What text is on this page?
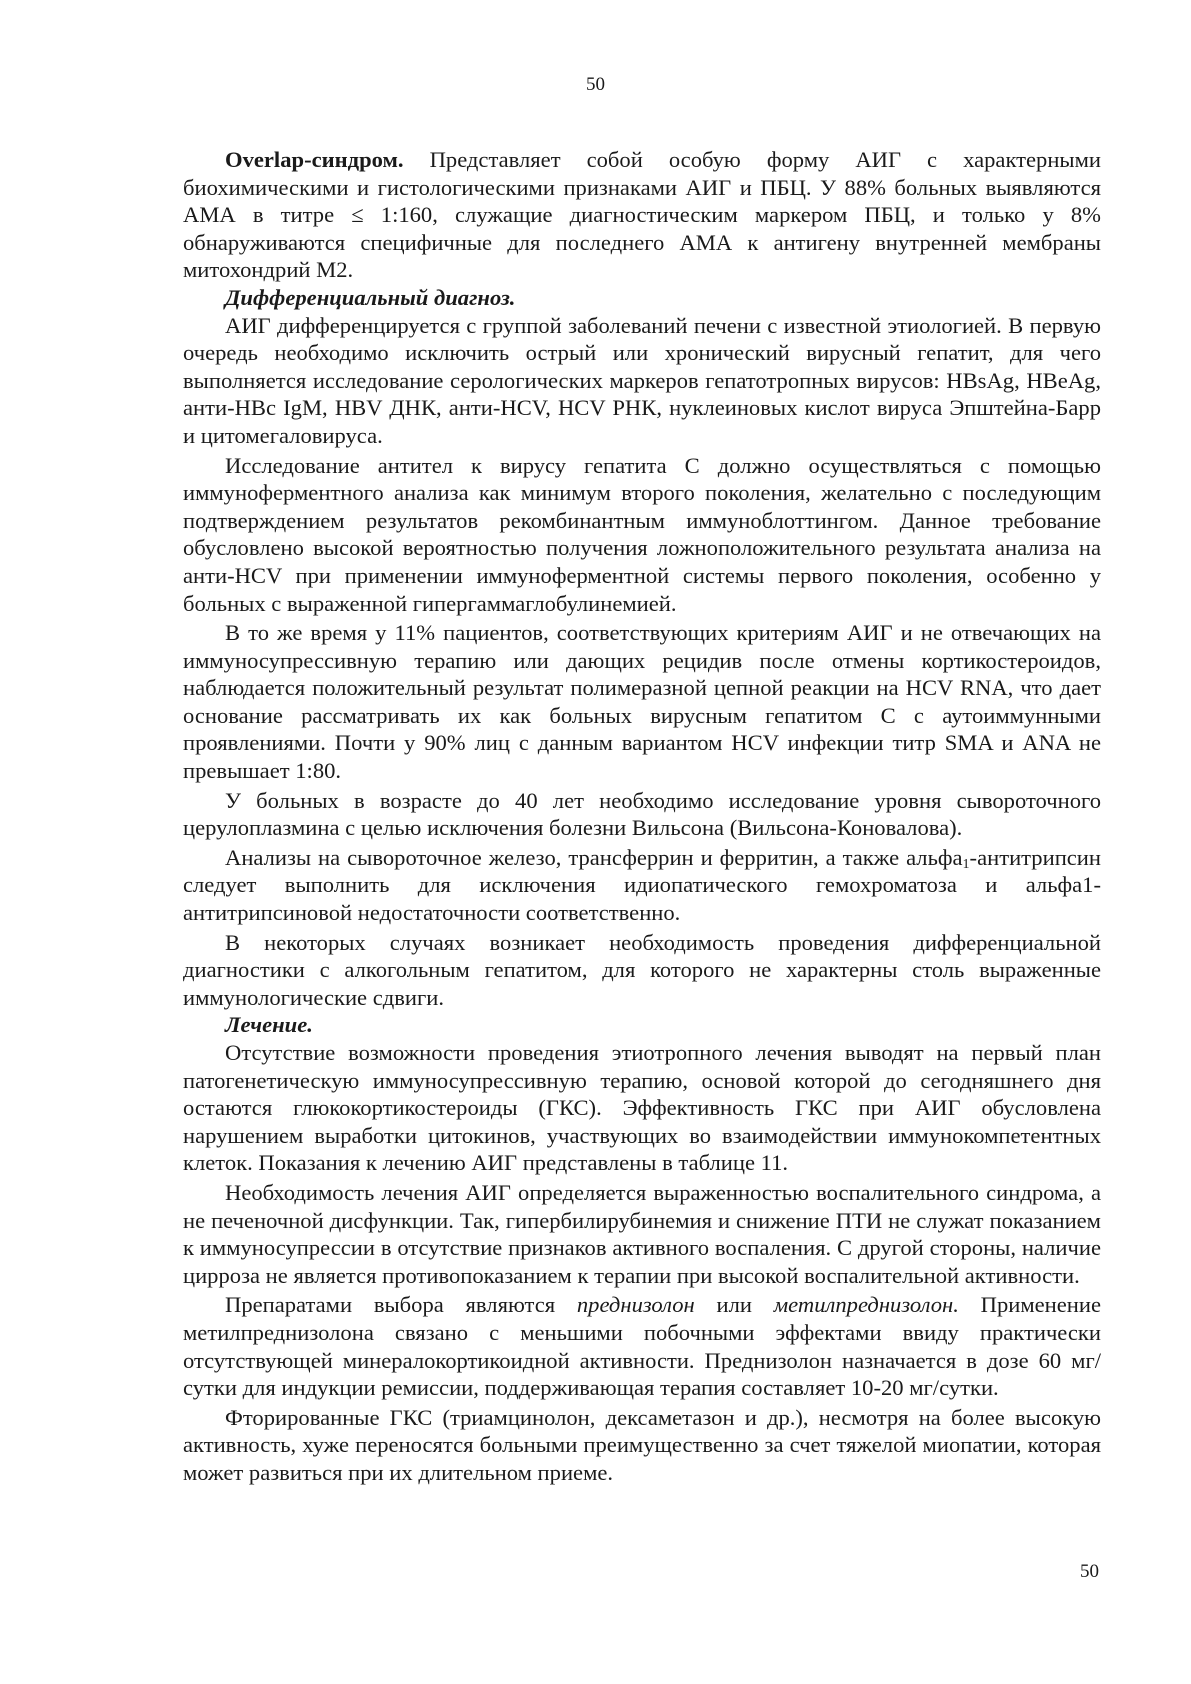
50

Overlap-синдром. Представляет собой особую форму АИГ с характерными биохимическими и гистологическими признаками АИГ и ПБЦ. У 88% больных выявляются АМА в титре ≤ 1:160, служащие диагностическим маркером ПБЦ, и только у 8% обнаруживаются специфичные для последнего АМА к антигену внутренней мембраны митохондрий М2.

Дифференциальный диагноз.

АИГ дифференцируется с группой заболеваний печени с известной этиологией. В первую очередь необходимо исключить острый или хронический вирусный гепатит, для чего выполняется исследование серологических маркеров гепатотропных вирусов: HBsAg, HBeAg, анти-HBc IgM, HBV ДНК, анти-HCV, HCV РНК, нуклеиновых кислот вируса Эпштейна-Барр и цитомегаловируса.

Исследование антител к вирусу гепатита С должно осуществляться с помощью иммуноферментного анализа как минимум второго поколения, желательно с последующим подтверждением результатов рекомбинантным иммуноблоттингом. Данное требование обусловлено высокой вероятностью получения ложноположительного результата анализа на анти-HCV при применении иммуноферментной системы первого поколения, особенно у больных с выраженной гипергаммаглобулинемией.

В то же время у 11% пациентов, соответствующих критериям АИГ и не отвечающих на иммуносупрессивную терапию или дающих рецидив после отмены кортикостероидов, наблюдается положительный результат полимеразной цепной реакции на HCV RNA, что дает основание рассматривать их как больных вирусным гепатитом С с аутоиммунными проявлениями. Почти у 90% лиц с данным вариантом HCV инфекции титр SMA и ANA не превышает 1:80.

У больных в возрасте до 40 лет необходимо исследование уровня сывороточного церулоплазмина с целью исключения болезни Вильсона (Вильсона-Коновалова).

Анализы на сывороточное железо, трансферрин и ферритин, а также альфа$_1$-антитрипсин следует выполнить для исключения идиопатического гемохроматоза и альфа1-антитрипсиновой недостаточности соответственно.

В некоторых случаях возникает необходимость проведения дифференциальной диагностики с алкогольным гепатитом, для которого не характерны столь выраженные иммунологические сдвиги.

Лечение.

Отсутствие возможности проведения этиотропного лечения выводят на первый план патогенетическую иммуносупрессивную терапию, основой которой до сегодняшнего дня остаются глюкокортикостероиды (ГКС). Эффективность ГКС при АИГ обусловлена нарушением выработки цитокинов, участвующих во взаимодействии иммунокомпетентных клеток. Показания к лечению АИГ представлены в таблице 11.

Необходимость лечения АИГ определяется выраженностью воспалительного синдрома, а не печеночной дисфункции. Так, гипербилирубинемия и снижение ПТИ не служат показанием к иммуносупрессии в отсутствие признаков активного воспаления. С другой стороны, наличие цирроза не является противопоказанием к терапии при высокой воспалительной активности.

Препаратами выбора являются преднизолон или метилпреднизолон. Применение метилпреднизолона связано с меньшими побочными эффектами ввиду практически отсутствующей минералокортикоидной активности. Преднизолон назначается в дозе 60 мг/сутки для индукции ремиссии, поддерживающая терапия составляет 10-20 мг/сутки.

Фторированные ГКС (триамцинолон, дексаметазон и др.), несмотря на более высокую активность, хуже переносятся больными преимущественно за счет тяжелой миопатии, которая может развиться при их длительном приеме.

50
